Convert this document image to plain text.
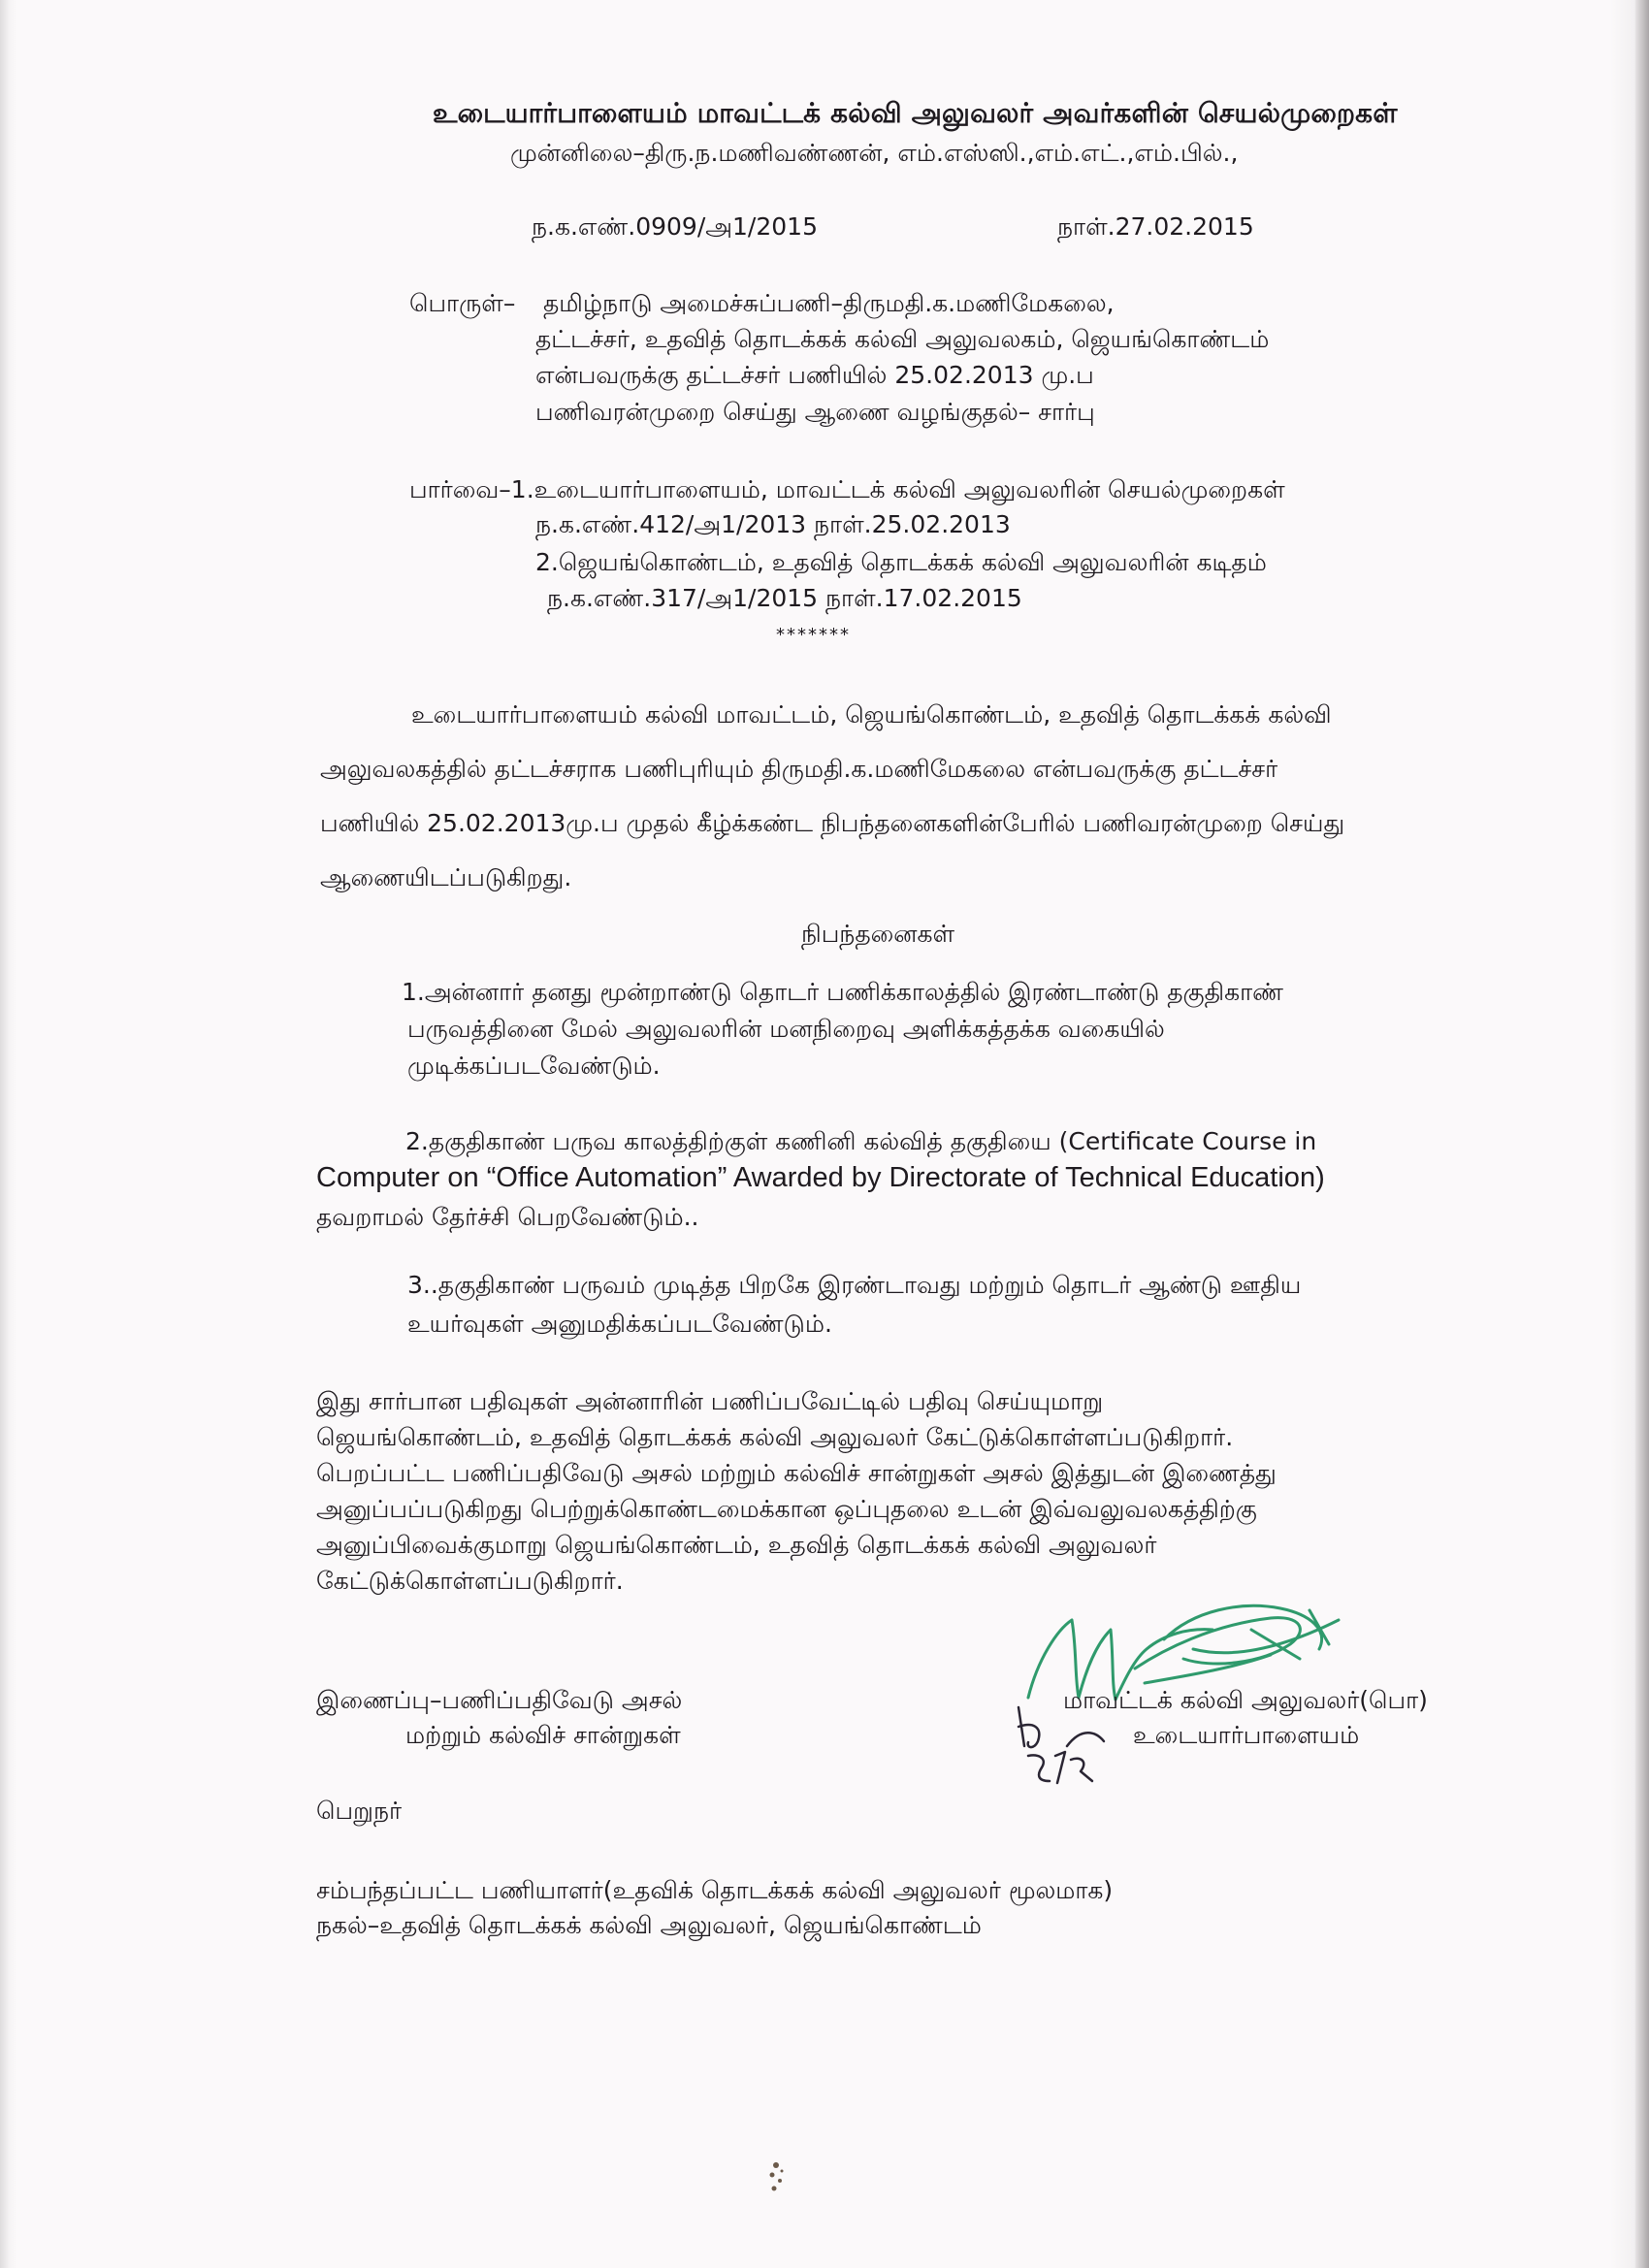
உடையார்பாளையம் மாவட்டக் கல்வி அலுவலர் அவர்களின் செயல்முறைகள்
முன்னிலை–திரு.ந.மணிவண்ணன், எம்.எஸ்ஸி.,எம்.எட்.,எம்.பில்.,
ந.க.எண்.0909/அ1/2015	நாள்.27.02.2015
பொருள்– தமிழ்நாடு அமைச்சுப்பணி–திருமதி.க.மணிமேகலை,
தட்டச்சர், உதவித் தொடக்கக் கல்வி அலுவலகம், ஜெயங்கொண்டம்
என்பவருக்கு தட்டச்சர் பணியில் 25.02.2013 மு.ப
பணிவரன்முறை செய்து ஆணை வழங்குதல்– சார்பு
பார்வை–1.உடையார்பாளையம், மாவட்டக் கல்வி அலுவலரின் செயல்முறைகள்
ந.க.எண்.412/அ1/2013 நாள்.25.02.2013
2.ஜெயங்கொண்டம், உதவித் தொடக்கக் கல்வி அலுவலரின் கடிதம்
ந.க.எண்.317/அ1/2015 நாள்.17.02.2015
*******
உடையார்பாளையம் கல்வி மாவட்டம், ஜெயங்கொண்டம், உதவித் தொடக்கக் கல்வி
அலுவலகத்தில் தட்டச்சராக பணிபுரியும் திருமதி.க.மணிமேகலை என்பவருக்கு தட்டச்சர்
பணியில் 25.02.2013மு.ப முதல் கீழ்க்கண்ட நிபந்தனைகளின்பேரில் பணிவரன்முறை செய்து
ஆணையிடப்படுகிறது.
நிபந்தனைகள்
1.அன்னார் தனது மூன்றாண்டு தொடர் பணிக்காலத்தில் இரண்டாண்டு தகுதிகாண்
பருவத்தினை மேல் அலுவலரின் மனநிறைவு அளிக்கத்தக்க வகையில்
முடிக்கப்படவேண்டும்.
2.தகுதிகாண் பருவ காலத்திற்குள் கணினி கல்வித் தகுதியை (Certificate Course in
Computer on “Office Automation” Awarded by Directorate of Technical Education)
தவறாமல் தேர்ச்சி பெறவேண்டும்..
3..தகுதிகாண் பருவம் முடித்த பிறகே இரண்டாவது மற்றும் தொடர் ஆண்டு ஊதிய
உயர்வுகள் அனுமதிக்கப்படவேண்டும்.
இது சார்பான பதிவுகள் அன்னாரின் பணிப்பவேட்டில் பதிவு செய்யுமாறு
ஜெயங்கொண்டம், உதவித் தொடக்கக் கல்வி அலுவலர் கேட்டுக்கொள்ளப்படுகிறார்.
பெறப்பட்ட பணிப்பதிவேடு அசல் மற்றும் கல்விச் சான்றுகள் அசல் இத்துடன் இணைத்து
அனுப்பப்படுகிறது பெற்றுக்கொண்டமைக்கான ஒப்புதலை உடன் இவ்வலுவலகத்திற்கு
அனுப்பிவைக்குமாறு ஜெயங்கொண்டம், உதவித் தொடக்கக் கல்வி அலுவலர்
கேட்டுக்கொள்ளப்படுகிறார்.
இணைப்பு–பணிப்பதிவேடு அசல்
மற்றும் கல்விச் சான்றுகள்
மாவட்டக் கல்வி அலுவலர்(பொ)
உடையார்பாளையம்
பெறுநர்
சம்பந்தப்பட்ட பணியாளர்(உதவிக் தொடக்கக் கல்வி அலுவலர் மூலமாக)
நகல்–உதவித் தொடக்கக் கல்வி அலுவலர், ஜெயங்கொண்டம்
